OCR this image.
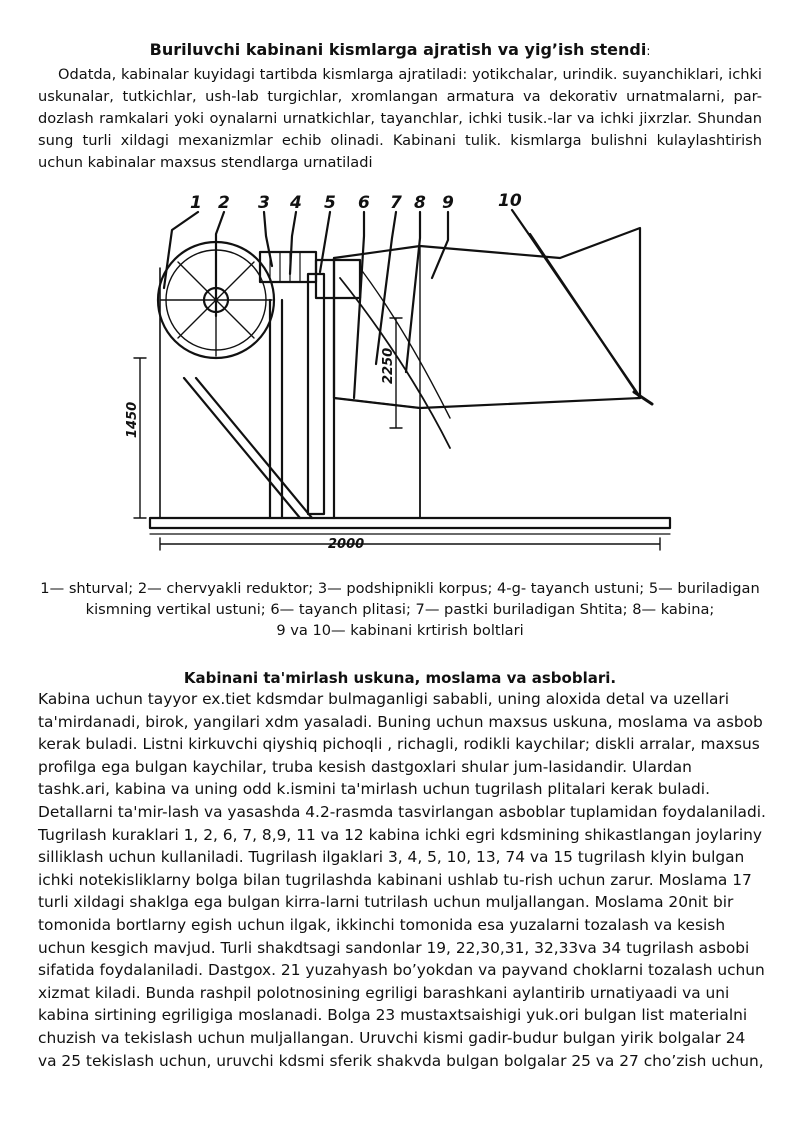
Buriluvchi kabinani kismlarga ajratish va yig’ish stendi:

Odatda, kabinalar kuyidagi tartibda kismlarga ajratiladi: yotikchalar, urindik. suyanchiklari, ichki uskunalar, tutkichlar, ush-lab turgichlar, xromlangan armatura va dekorativ urnatmalarni, par-dozlash ramkalari yoki oynalarni urnatkichlar, tayanchlar, ichki tusik.-lar va ichki jixrzlar. Shundan sung turli xildagi mexanizmlar echib olinadi. Kabinani tulik. kismlarga bulishni kulaylashtirish uchun kabinalar maxsus stendlarga urnatiladi

1 2 3 4 5 6 7 8 9	10
1450
2250
2000
1— shturval; 2— chervyakli reduktor; 3— podshipnikli korpus; 4-g- tayanch ustuni; 5— buriladigan
kismning vertikal ustuni; 6— tayanch plitasi; 7— pastki buriladigan Shtita; 8— kabina;
9 va 10— kabinani krtirish boltlari
Kabinani ta'mirlash uskuna, moslama va asboblari.

Kabina uchun tayyor ex.tiet kdsmdar bulmaganligi sababli, uning aloxida detal va uzellari ta'mirdanadi, birok, yangilari xdm yasaladi. Buning uchun maxsus uskuna, moslama va asbob kerak buladi. Listni kirkuvchi qiyshiq pichoqli , richagli, rodikli kaychilar; diskli arralar, maxsus profilga ega bulgan kaychilar, truba kesish dastgoxlari shular jum-lasidandir. Ulardan tashk.ari, kabina va uning odd k.ismini ta'mirlash uchun tugrilash plitalari kerak buladi. Detallarni ta'mir-lash va yasashda 4.2-rasmda tasvirlangan asboblar tuplamidan foydalaniladi.

Tugrilash kuraklari 1, 2, 6, 7, 8,9, 11 va 12 kabina ichki egri kdsmining shikastlangan joylariny silliklash uchun kullaniladi. Tugrilash ilgaklari 3, 4, 5, 10, 13, 74 va 15 tugrilash klyin bulgan ichki notekisliklarny bolga bilan tugrilashda kabinani ushlab tu-rish uchun zarur. Moslama 17 turli xildagi shaklga ega bulgan kirra-larni tutrilash uchun muljallangan. Moslama 20nit bir tomonida bortlarny egish uchun ilgak, ikkinchi tomonida esa yuzalarni tozalash va kesish uchun kesgich mavjud. Turli shakdtsagi sandonlar 19, 22,30,31, 32,33va 34 tugrilash asbobi sifatida foydalaniladi. Dastgox. 21 yuzahyash bo’yokdan va payvand choklarni tozalash uchun xizmat kiladi. Bunda rashpil polotnosining egriligi barashkani aylantirib urnatiyaadi va uni kabina sirtining egriligiga moslanadi. Bolga 23 mustaxtsaishigi yuk.ori bulgan list materialni chuzish va tekislash uchun muljallangan. Uruvchi kismi gadir-budur bulgan yirik bolgalar 24 va 25 tekislash uchun, uruvchi kdsmi sferik shakvda bulgan bolgalar 25 va 27 cho’zish uchun,
